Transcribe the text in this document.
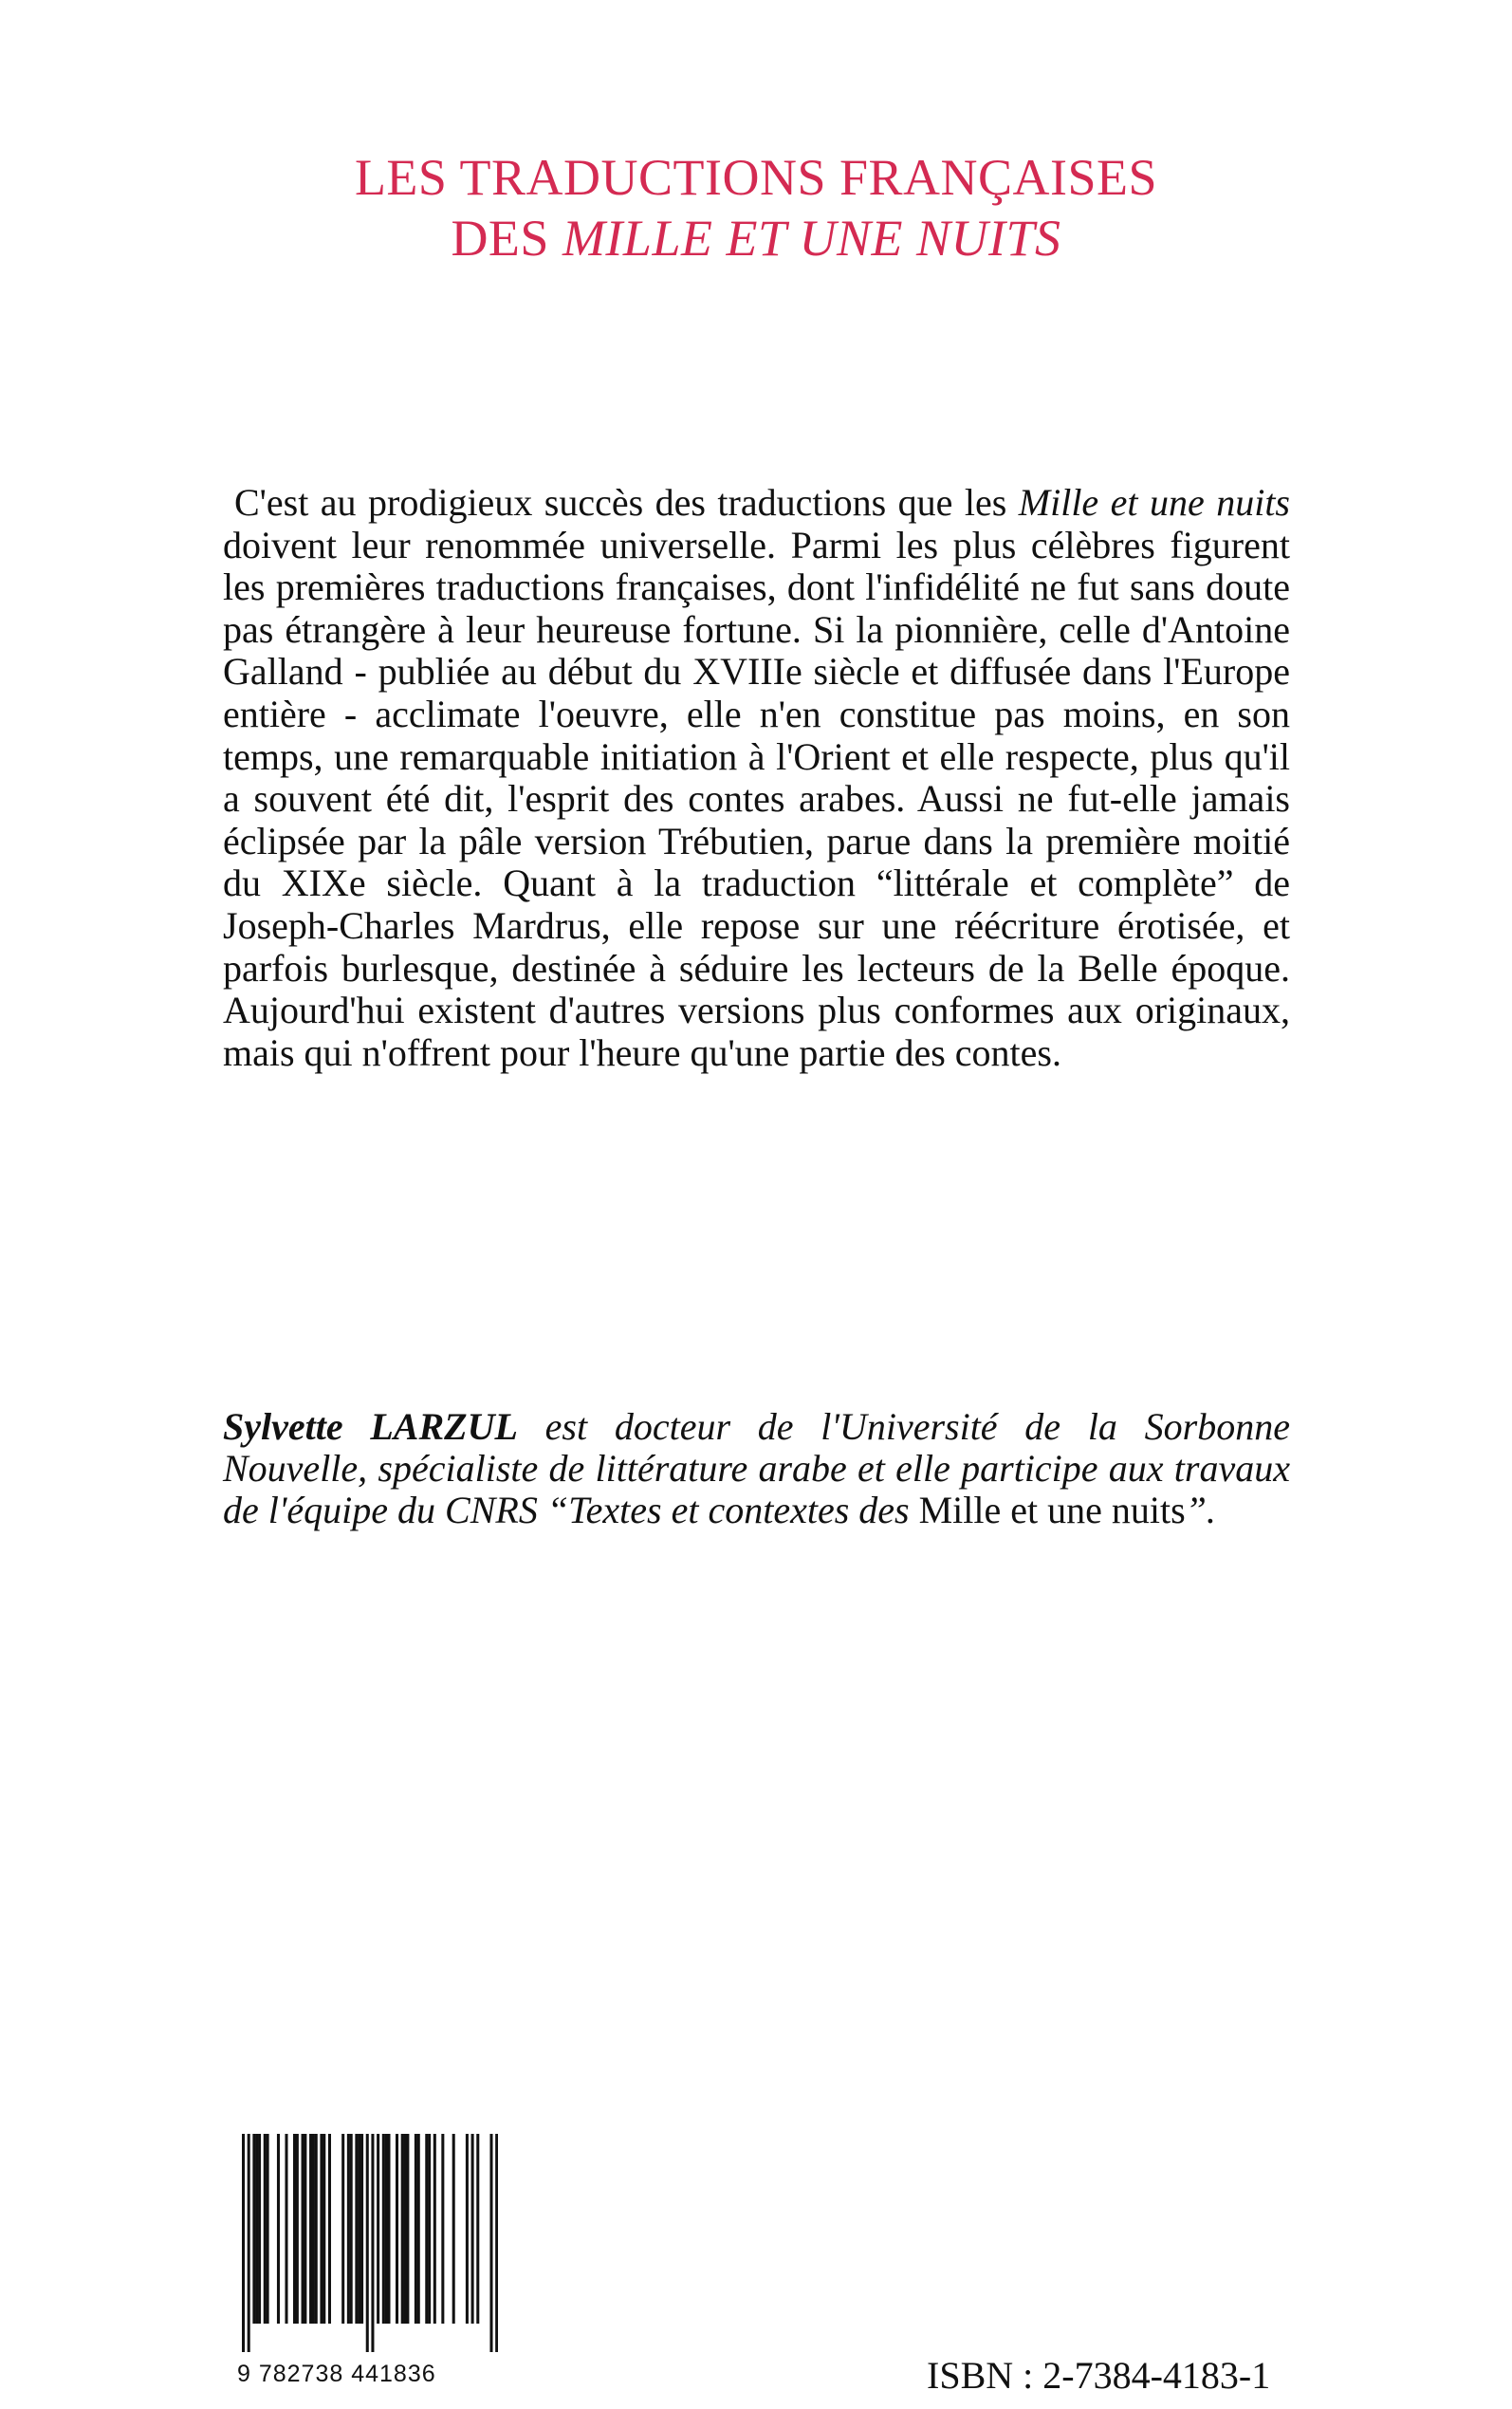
LES TRADUCTIONS FRANÇAISES
DES MILLE ET UNE NUITS

C'est au prodigieux succès des traductions que les Mille et une nuits doivent leur renommée universelle. Parmi les plus célèbres figurent les premières traductions françaises, dont l'infidélité ne fut sans doute pas étrangère à leur heureuse fortune. Si la pionnière, celle d'Antoine Galland - publiée au début du XVIIIe siècle et diffusée dans l'Europe entière - acclimate l'oeuvre, elle n'en constitue pas moins, en son temps, une remarquable initiation à l'Orient et elle respecte, plus qu'il a souvent été dit, l'esprit des contes arabes. Aussi ne fut-elle jamais éclipsée par la pâle version Trébutien, parue dans la première moitié du XIXe siècle. Quant à la traduction “littérale et complète” de Joseph-Charles Mardrus, elle repose sur une réécriture érotisée, et parfois burlesque, destinée à séduire les lecteurs de la Belle époque. Aujourd'hui existent d'autres versions plus conformes aux originaux, mais qui n'offrent pour l'heure qu'une partie des contes.

Sylvette LARZUL est docteur de l'Université de la Sorbonne Nouvelle, spécialiste de littérature arabe et elle participe aux travaux de l'équipe du CNRS “Textes et contextes des Mille et une nuits”.
9 782738 441836	ISBN : 2-7384-4183-1
